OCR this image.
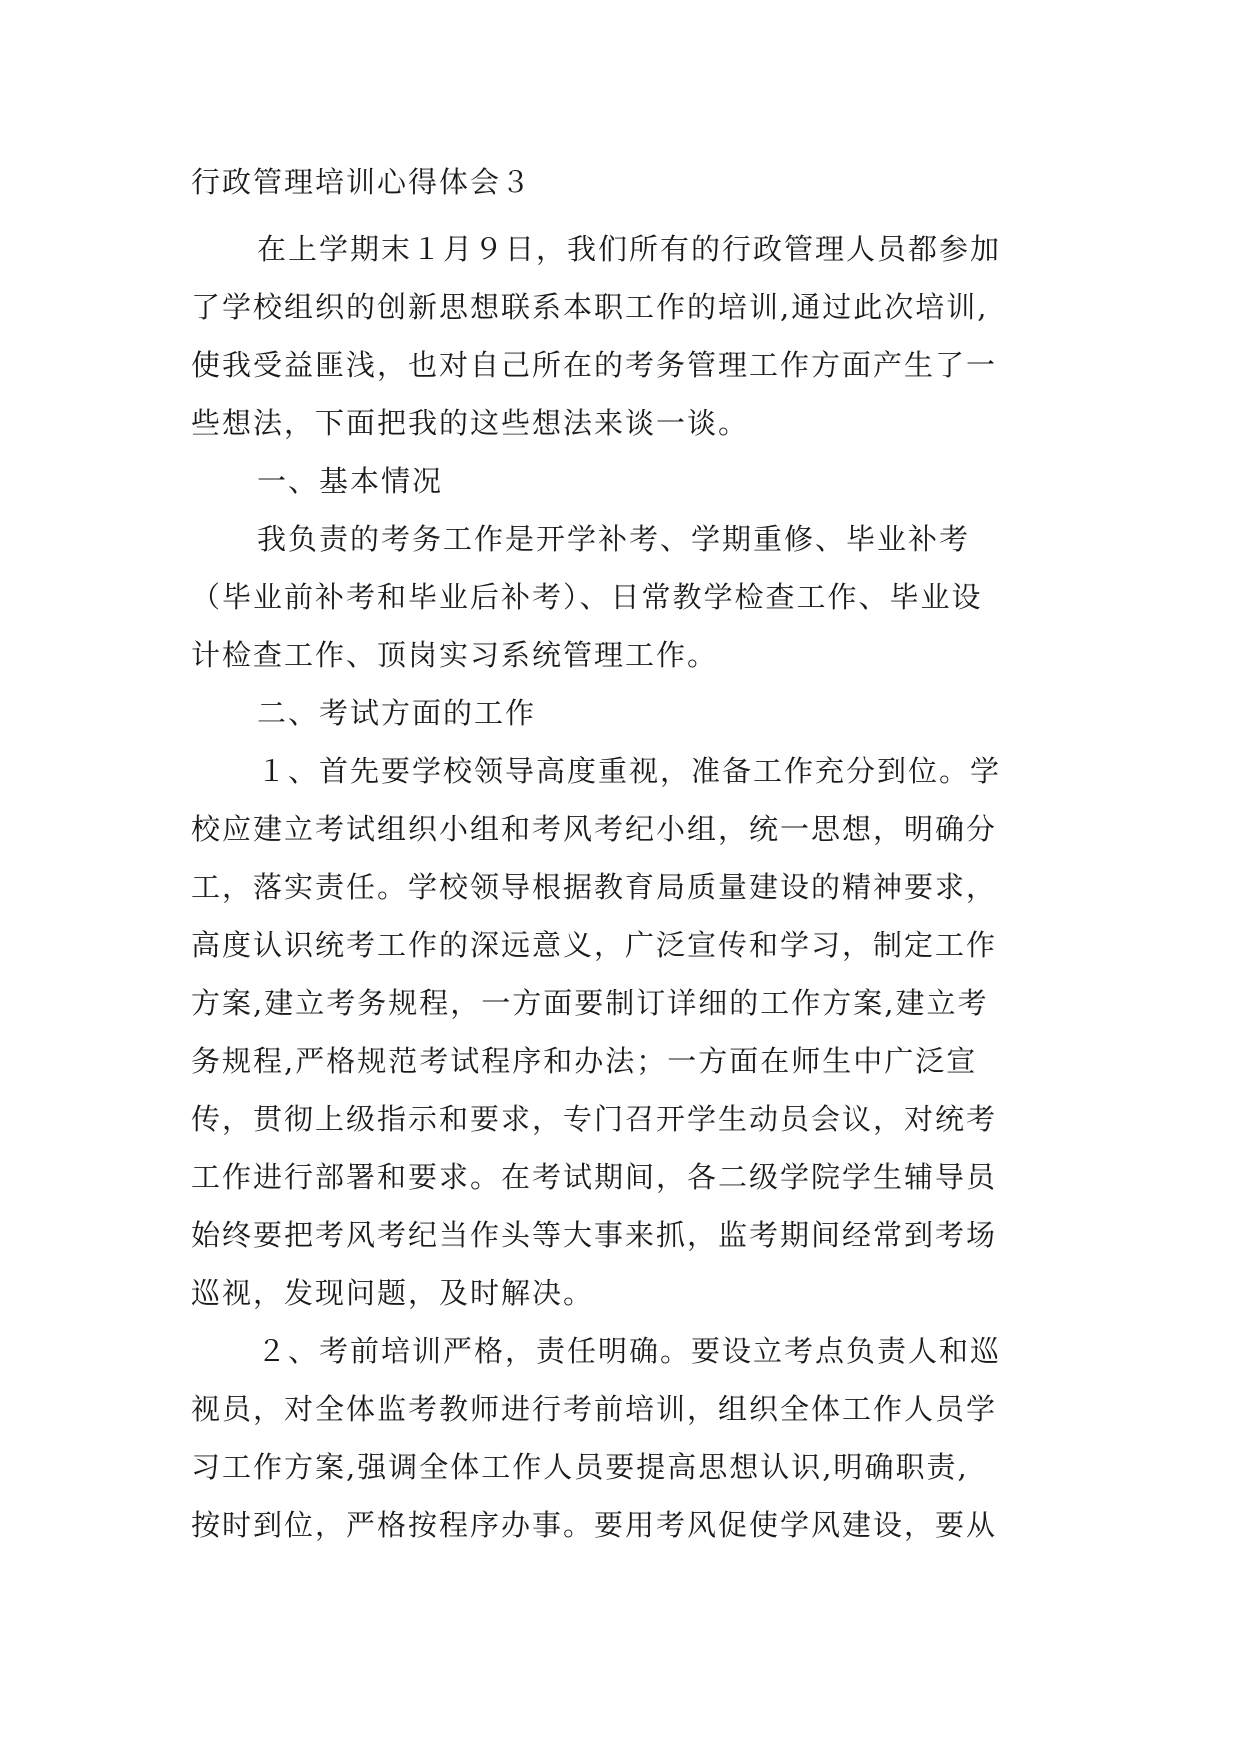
行政管理培训心得体会３
在上学期末１月９日，我们所有的行政管理人员都参加
了学校组织的创新思想联系本职工作的培训,通过此次培训,
使我受益匪浅，也对自己所在的考务管理工作方面产生了一
些想法，下面把我的这些想法来谈一谈。
一、基本情况
我负责的考务工作是开学补考、学期重修、毕业补考
（毕业前补考和毕业后补考）、日常教学检查工作、毕业设
计检查工作、顶岗实习系统管理工作。
二、考试方面的工作
１、首先要学校领导高度重视，准备工作充分到位。学
校应建立考试组织小组和考风考纪小组，统一思想，明确分
工，落实责任。学校领导根据教育局质量建设的精神要求，
高度认识统考工作的深远意义，广泛宣传和学习，制定工作
方案,建立考务规程，一方面要制订详细的工作方案,建立考
务规程,严格规范考试程序和办法；一方面在师生中广泛宣
传，贯彻上级指示和要求，专门召开学生动员会议，对统考
工作进行部署和要求。在考试期间，各二级学院学生辅导员
始终要把考风考纪当作头等大事来抓，监考期间经常到考场
巡视，发现问题，及时解决。
２、考前培训严格，责任明确。要设立考点负责人和巡
视员，对全体监考教师进行考前培训，组织全体工作人员学
习工作方案,强调全体工作人员要提高思想认识,明确职责,
按时到位，严格按程序办事。要用考风促使学风建设，要从
